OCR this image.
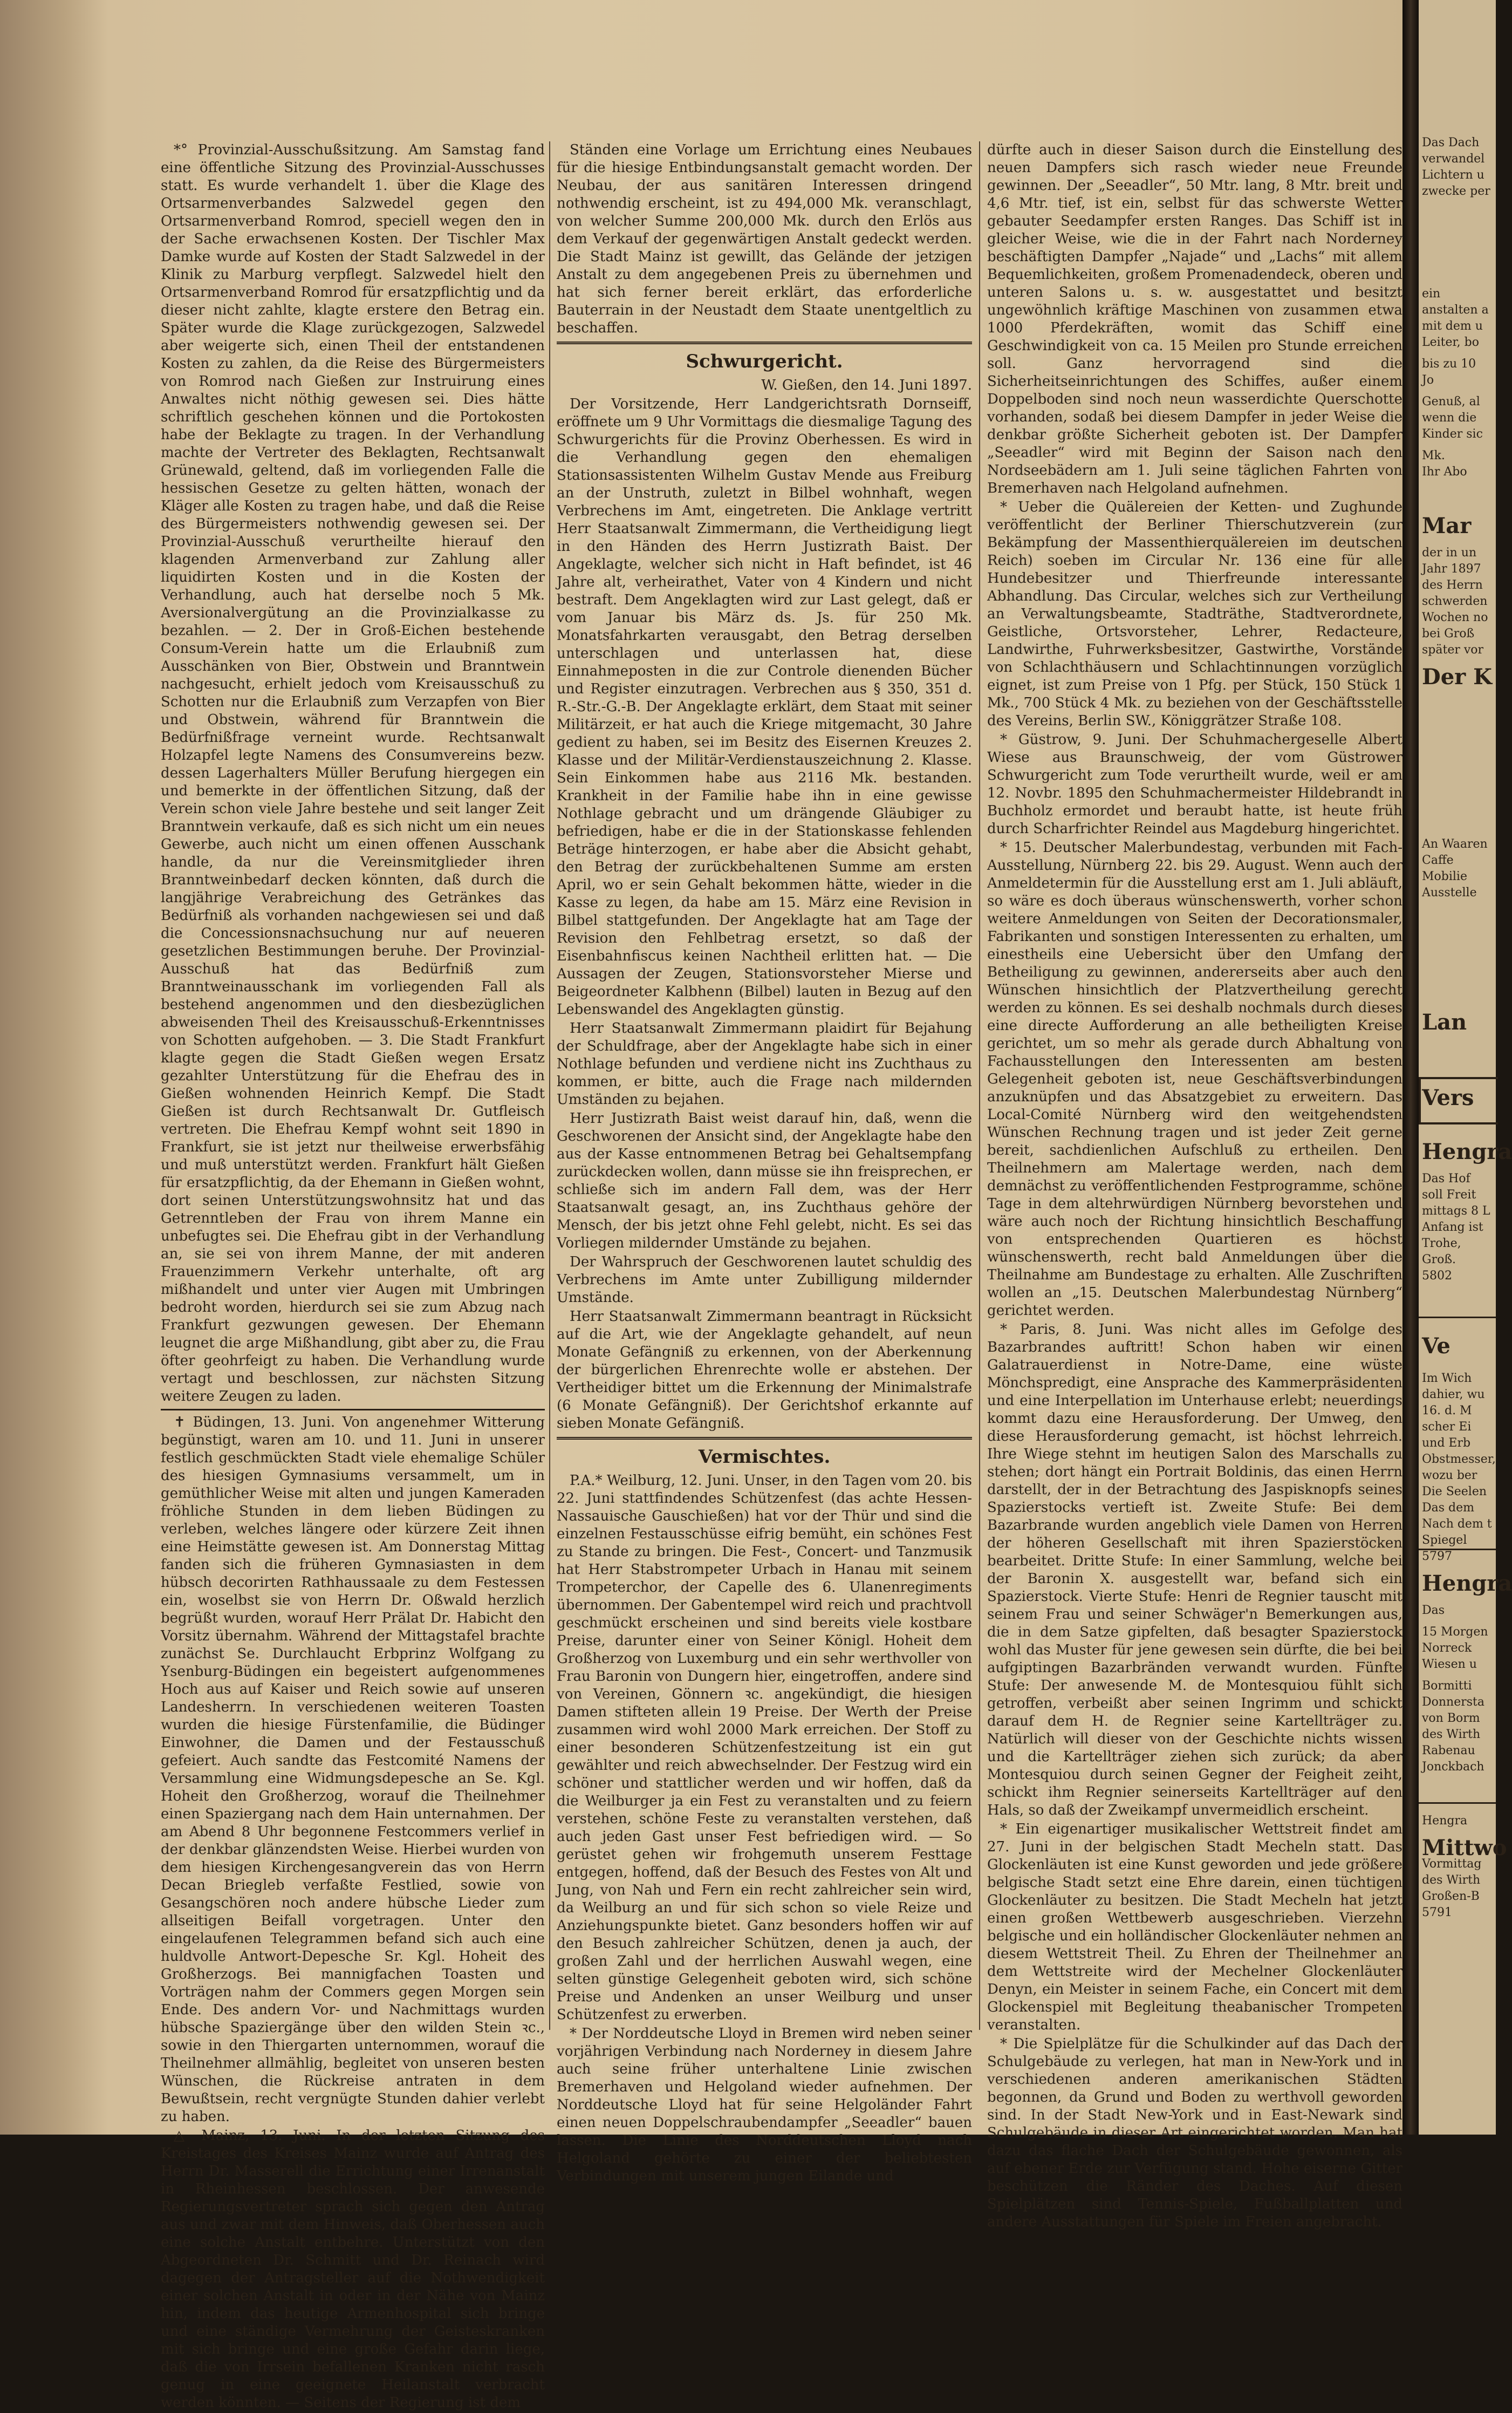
*° Provinzial-Ausschußsitzung. Am Samstag fand eine öffentliche Sitzung des Provinzial-Ausschusses statt. Es wurde verhandelt 1. über die Klage des Ortsarmenverbandes Salzwedel gegen den Ortsarmenverband Romrod, speciell wegen den in der Sache erwachsenen Kosten. Der Tischler Max Damke wurde auf Kosten der Stadt Salzwedel in der Klinik zu Marburg verpflegt. Salzwedel hielt den Ortsarmenverband Romrod für ersatzpflichtig und da dieser nicht zahlte, klagte erstere den Betrag ein. Später wurde die Klage zurückgezogen, Salzwedel aber weigerte sich, einen Theil der entstandenen Kosten zu zahlen, da die Reise des Bürgermeisters von Romrod nach Gießen zur Instruirung eines Anwaltes nicht nöthig gewesen sei. Dies hätte schriftlich geschehen können und die Portokosten habe der Beklagte zu tragen. In der Verhandlung machte der Vertreter des Beklagten, Rechtsanwalt Grünewald, geltend, daß im vorliegenden Falle die hessischen Gesetze zu gelten hätten, wonach der Kläger alle Kosten zu tragen habe, und daß die Reise des Bürgermeisters nothwendig gewesen sei. Der Provinzial-Ausschuß verurtheilte hierauf den klagenden Armenverband zur Zahlung aller liquidirten Kosten und in die Kosten der Verhandlung, auch hat derselbe noch 5 Mk. Aversionalvergütung an die Provinzialkasse zu bezahlen. — 2. Der in Groß-Eichen bestehende Consum-Verein hatte um die Erlaubniß zum Ausschänken von Bier, Obstwein und Branntwein nachgesucht, erhielt jedoch vom Kreisausschuß zu Schotten nur die Erlaubniß zum Verzapfen von Bier und Obstwein, während für Branntwein die Bedürfnißfrage verneint wurde. Rechtsanwalt Holzapfel legte Namens des Consumvereins bezw. dessen Lagerhalters Müller Berufung hiergegen ein und bemerkte in der öffentlichen Sitzung, daß der Verein schon viele Jahre bestehe und seit langer Zeit Branntwein verkaufe, daß es sich nicht um ein neues Gewerbe, auch nicht um einen offenen Ausschank handle, da nur die Vereinsmitglieder ihren Branntweinbedarf decken könnten, daß durch die langjährige Verabreichung des Getränkes das Bedürfniß als vorhanden nachgewiesen sei und daß die Concessionsnachsuchung nur auf neueren gesetzlichen Bestimmungen beruhe. Der Provinzial-Ausschuß hat das Bedürfniß zum Branntweinausschank im vorliegenden Fall als bestehend angenommen und den diesbezüglichen abweisenden Theil des Kreisausschuß-Erkenntnisses von Schotten aufgehoben. — 3. Die Stadt Frankfurt klagte gegen die Stadt Gießen wegen Ersatz gezahlter Unterstützung für die Ehefrau des in Gießen wohnenden Heinrich Kempf. Die Stadt Gießen ist durch Rechtsanwalt Dr. Gutfleisch vertreten. Die Ehefrau Kempf wohnt seit 1890 in Frankfurt, sie ist jetzt nur theilweise erwerbsfähig und muß unterstützt werden. Frankfurt hält Gießen für ersatzpflichtig, da der Ehemann in Gießen wohnt, dort seinen Unterstützungswohnsitz hat und das Getrenntleben der Frau von ihrem Manne ein unbefugtes sei. Die Ehefrau gibt in der Verhandlung an, sie sei von ihrem Manne, der mit anderen Frauenzimmern Verkehr unterhalte, oft arg mißhandelt und unter vier Augen mit Umbringen bedroht worden, hierdurch sei sie zum Abzug nach Frankfurt gezwungen gewesen. Der Ehemann leugnet die arge Mißhandlung, gibt aber zu, die Frau öfter geohrfeigt zu haben. Die Verhandlung wurde vertagt und beschlossen, zur nächsten Sitzung weitere Zeugen zu laden.

✝ Büdingen, 13. Juni. Von angenehmer Witterung begünstigt, waren am 10. und 11. Juni in unserer festlich geschmückten Stadt viele ehemalige Schüler des hiesigen Gymnasiums versammelt, um in gemüthlicher Weise mit alten und jungen Kameraden fröhliche Stunden in dem lieben Büdingen zu verleben, welches längere oder kürzere Zeit ihnen eine Heimstätte gewesen ist. Am Donnerstag Mittag fanden sich die früheren Gymnasiasten in dem hübsch decorirten Rathhaussaale zu dem Festessen ein, woselbst sie von Herrn Dr. Oßwald herzlich begrüßt wurden, worauf Herr Prälat Dr. Habicht den Vorsitz übernahm. Während der Mittagstafel brachte zunächst Se. Durchlaucht Erbprinz Wolfgang zu Ysenburg-Büdingen ein begeistert aufgenommenes Hoch aus auf Kaiser und Reich sowie auf unseren Landesherrn. In verschiedenen weiteren Toasten wurden die hiesige Fürstenfamilie, die Büdinger Einwohner, die Damen und der Festausschuß gefeiert. Auch sandte das Festcomité Namens der Versammlung eine Widmungsdepesche an Se. Kgl. Hoheit den Großherzog, worauf die Theilnehmer einen Spaziergang nach dem Hain unternahmen. Der am Abend 8 Uhr begonnene Festcommers verlief in der denkbar glänzendsten Weise. Hierbei wurden von dem hiesigen Kirchengesangverein das von Herrn Decan Briegleb verfaßte Festlied, sowie von Gesangschören noch andere hübsche Lieder zum allseitigen Beifall vorgetragen. Unter den eingelaufenen Telegrammen befand sich auch eine huldvolle Antwort-Depesche Sr. Kgl. Hoheit des Großherzogs. Bei mannigfachen Toasten und Vorträgen nahm der Commers gegen Morgen sein Ende. Des andern Vor- und Nachmittags wurden hübsche Spaziergänge über den wilden Stein ꝛc., sowie in den Thiergarten unternommen, worauf die Theilnehmer allmählig, begleitet von unseren besten Wünschen, die Rückreise antraten in dem Bewußtsein, recht vergnügte Stunden dahier verlebt zu haben.

△ Mainz, 13. Juni. In der letzten Sitzung des Kreistages des Kreises Mainz wurde auf Antrag des Herrn Dr. Masserell die Errichtung einer Irrenanstalt in Rheinhessen beschlossen. Der anwesende Regierungsvertreter sprach sich gegen den Antrag aus und zwar mit dem Hinweis, daß Oberhessen auch eine solche Anstalt entbehre. Unterstützt von den Abgeordneten Dr. Schmitt und Dr. Reinach wird dagegen der Antragsteller auf die Nothwendigkeit einer solchen Anstalt in oder in der Nähe von Mainz hin, indem das heutige Armenhospital sich bringe und eine ständige Vermehrung der Geisteskranken mit sich bringe und eine große Gefahr darin liege, daß die von Irrsein befallenen Kranken nicht rasch genug in eine geeignete Heilanstalt verbracht werden könnten. — Seitens der Regierung ist dem

Ständen eine Vorlage um Errichtung eines Neubaues für die hiesige Entbindungsanstalt gemacht worden. Der Neubau, der aus sanitären Interessen dringend nothwendig erscheint, ist zu 494,000 Mk. veranschlagt, von welcher Summe 200,000 Mk. durch den Erlös aus dem Verkauf der gegenwärtigen Anstalt gedeckt werden. Die Stadt Mainz ist gewillt, das Gelände der jetzigen Anstalt zu dem angegebenen Preis zu übernehmen und hat sich ferner bereit erklärt, das erforderliche Bauterrain in der Neustadt dem Staate unentgeltlich zu beschaffen.

Schwurgericht.

W. Gießen, den 14. Juni 1897.

Der Vorsitzende, Herr Landgerichtsrath Dornseiff, eröffnete um 9 Uhr Vormittags die diesmalige Tagung des Schwurgerichts für die Provinz Oberhessen. Es wird in die Verhandlung gegen den ehemaligen Stationsassistenten Wilhelm Gustav Mende aus Freiburg an der Unstruth, zuletzt in Bilbel wohnhaft, wegen Verbrechens im Amt, eingetreten. Die Anklage vertritt Herr Staatsanwalt Zimmermann, die Vertheidigung liegt in den Händen des Herrn Justizrath Baist. Der Angeklagte, welcher sich nicht in Haft befindet, ist 46 Jahre alt, verheirathet, Vater von 4 Kindern und nicht bestraft. Dem Angeklagten wird zur Last gelegt, daß er vom Januar bis März ds. Js. für 250 Mk. Monatsfahrkarten verausgabt, den Betrag derselben unterschlagen und unterlassen hat, diese Einnahmeposten in die zur Controle dienenden Bücher und Register einzutragen. Verbrechen aus § 350, 351 d. R.-Str.-G.-B. Der Angeklagte erklärt, dem Staat mit seiner Militärzeit, er hat auch die Kriege mitgemacht, 30 Jahre gedient zu haben, sei im Besitz des Eisernen Kreuzes 2. Klasse und der Militär-Verdienstauszeichnung 2. Klasse. Sein Einkommen habe aus 2116 Mk. bestanden. Krankheit in der Familie habe ihn in eine gewisse Nothlage gebracht und um drängende Gläubiger zu befriedigen, habe er die in der Stationskasse fehlenden Beträge hinterzogen, er habe aber die Absicht gehabt, den Betrag der zurückbehaltenen Summe am ersten April, wo er sein Gehalt bekommen hätte, wieder in die Kasse zu legen, da habe am 15. März eine Revision in Bilbel stattgefunden. Der Angeklagte hat am Tage der Revision den Fehlbetrag ersetzt, so daß der Eisenbahnfiscus keinen Nachtheil erlitten hat. — Die Aussagen der Zeugen, Stationsvorsteher Mierse und Beigeordneter Kalbhenn (Bilbel) lauten in Bezug auf den Lebenswandel des Angeklagten günstig.

Herr Staatsanwalt Zimmermann plaidirt für Bejahung der Schuldfrage, aber der Angeklagte habe sich in einer Nothlage befunden und verdiene nicht ins Zuchthaus zu kommen, er bitte, auch die Frage nach mildernden Umständen zu bejahen.

Herr Justizrath Baist weist darauf hin, daß, wenn die Geschworenen der Ansicht sind, der Angeklagte habe den aus der Kasse entnommenen Betrag bei Gehaltsempfang zurückdecken wollen, dann müsse sie ihn freisprechen, er schließe sich im andern Fall dem, was der Herr Staatsanwalt gesagt, an, ins Zuchthaus gehöre der Mensch, der bis jetzt ohne Fehl gelebt, nicht. Es sei das Vorliegen mildernder Umstände zu bejahen.

Der Wahrspruch der Geschworenen lautet schuldig des Verbrechens im Amte unter Zubilligung mildernder Umstände.

Herr Staatsanwalt Zimmermann beantragt in Rücksicht auf die Art, wie der Angeklagte gehandelt, auf neun Monate Gefängniß zu erkennen, von der Aberkennung der bürgerlichen Ehrenrechte wolle er abstehen. Der Vertheidiger bittet um die Erkennung der Minimalstrafe (6 Monate Gefängniß). Der Gerichtshof erkannte auf sieben Monate Gefängniß.

Vermischtes.

P.A.* Weilburg, 12. Juni. Unser, in den Tagen vom 20. bis 22. Juni stattfindendes Schützenfest (das achte Hessen-Nassauische Gauschießen) hat vor der Thür und sind die einzelnen Festausschüsse eifrig bemüht, ein schönes Fest zu Stande zu bringen. Die Fest-, Concert- und Tanzmusik hat Herr Stabstrompeter Urbach in Hanau mit seinem Trompeterchor, der Capelle des 6. Ulanenregiments übernommen. Der Gabentempel wird reich und prachtvoll geschmückt erscheinen und sind bereits viele kostbare Preise, darunter einer von Seiner Königl. Hoheit dem Großherzog von Luxemburg und ein sehr werthvoller von Frau Baronin von Dungern hier, eingetroffen, andere sind von Vereinen, Gönnern ꝛc. angekündigt, die hiesigen Damen stifteten allein 19 Preise. Der Werth der Preise zusammen wird wohl 2000 Mark erreichen. Der Stoff zu einer besonderen Schützenfestzeitung ist ein gut gewählter und reich abwechselnder. Der Festzug wird ein schöner und stattlicher werden und wir hoffen, daß da die Weilburger ja ein Fest zu veranstalten und zu feiern verstehen, schöne Feste zu veranstalten verstehen, daß auch jeden Gast unser Fest befriedigen wird. — So gerüstet gehen wir frohgemuth unserem Festtage entgegen, hoffend, daß der Besuch des Festes von Alt und Jung, von Nah und Fern ein recht zahlreicher sein wird, da Weilburg an und für sich schon so viele Reize und Anziehungspunkte bietet. Ganz besonders hoffen wir auf den Besuch zahlreicher Schützen, denen ja auch, der großen Zahl und der herrlichen Auswahl wegen, eine selten günstige Gelegenheit geboten wird, sich schöne Preise und Andenken an unser Weilburg und unser Schützenfest zu erwerben.

* Der Norddeutsche Lloyd in Bremen wird neben seiner vorjährigen Verbindung nach Norderney in diesem Jahre auch seine früher unterhaltene Linie zwischen Bremerhaven und Helgoland wieder aufnehmen. Der Norddeutsche Lloyd hat für seine Helgoländer Fahrt einen neuen Doppelschraubendampfer „Seeadler“ bauen lassen. Die Linie des Norddeutschen Lloyd nach Helgoland gehörte zu einer der beliebtesten Verbindungen mit unserem jungen Eilande und

dürfte auch in dieser Saison durch die Einstellung des neuen Dampfers sich rasch wieder neue Freunde gewinnen. Der „Seeadler“, 50 Mtr. lang, 8 Mtr. breit und 4,6 Mtr. tief, ist ein, selbst für das schwerste Wetter gebauter Seedampfer ersten Ranges. Das Schiff ist in gleicher Weise, wie die in der Fahrt nach Norderney beschäftigten Dampfer „Najade“ und „Lachs“ mit allem Bequemlichkeiten, großem Promenadendeck, oberen und unteren Salons u. s. w. ausgestattet und besitzt ungewöhnlich kräftige Maschinen von zusammen etwa 1000 Pferdekräften, womit das Schiff eine Geschwindigkeit von ca. 15 Meilen pro Stunde erreichen soll. Ganz hervorragend sind die Sicherheitseinrichtungen des Schiffes, außer einem Doppelboden sind noch neun wasserdichte Querschotte vorhanden, sodaß bei diesem Dampfer in jeder Weise die denkbar größte Sicherheit geboten ist. Der Dampfer „Seeadler“ wird mit Beginn der Saison nach den Nordseebädern am 1. Juli seine täglichen Fahrten von Bremerhaven nach Helgoland aufnehmen.

* Ueber die Quälereien der Ketten- und Zughunde veröffentlicht der Berliner Thierschutzverein (zur Bekämpfung der Massenthierquälereien im deutschen Reich) soeben im Circular Nr. 136 eine für alle Hundebesitzer und Thierfreunde interessante Abhandlung. Das Circular, welches sich zur Vertheilung an Verwaltungsbeamte, Stadträthe, Stadtverordnete, Geistliche, Ortsvorsteher, Lehrer, Redacteure, Landwirthe, Fuhrwerksbesitzer, Gastwirthe, Vorstände von Schlachthäusern und Schlachtinnungen vorzüglich eignet, ist zum Preise von 1 Pfg. per Stück, 150 Stück 1 Mk., 700 Stück 4 Mk. zu beziehen von der Geschäftsstelle des Vereins, Berlin SW., Königgrätzer Straße 108.

* Güstrow, 9. Juni. Der Schuhmachergeselle Albert Wiese aus Braunschweig, der vom Güstrower Schwurgericht zum Tode verurtheilt wurde, weil er am 12. Novbr. 1895 den Schuhmachermeister Hildebrandt in Buchholz ermordet und beraubt hatte, ist heute früh durch Scharfrichter Reindel aus Magdeburg hingerichtet.

* 15. Deutscher Malerbundestag, verbunden mit Fach-Ausstellung, Nürnberg 22. bis 29. August. Wenn auch der Anmeldetermin für die Ausstellung erst am 1. Juli abläuft, so wäre es doch überaus wünschenswerth, vorher schon weitere Anmeldungen von Seiten der Decorationsmaler, Fabrikanten und sonstigen Interessenten zu erhalten, um einestheils eine Uebersicht über den Umfang der Betheiligung zu gewinnen, andererseits aber auch den Wünschen hinsichtlich der Platzvertheilung gerecht werden zu können. Es sei deshalb nochmals durch dieses eine directe Aufforderung an alle betheiligten Kreise gerichtet, um so mehr als gerade durch Abhaltung von Fachausstellungen den Interessenten am besten Gelegenheit geboten ist, neue Geschäftsverbindungen anzuknüpfen und das Absatzgebiet zu erweitern. Das Local-Comité Nürnberg wird den weitgehendsten Wünschen Rechnung tragen und ist jeder Zeit gerne bereit, sachdienlichen Aufschluß zu ertheilen. Den Theilnehmern am Malertage werden, nach dem demnächst zu veröffentlichenden Festprogramme, schöne Tage in dem altehrwürdigen Nürnberg bevorstehen und wäre auch noch der Richtung hinsichtlich Beschaffung von entsprechenden Quartieren es höchst wünschenswerth, recht bald Anmeldungen über die Theilnahme am Bundestage zu erhalten. Alle Zuschriften wollen an „15. Deutschen Malerbundestag Nürnberg“ gerichtet werden.

* Paris, 8. Juni. Was nicht alles im Gefolge des Bazarbrandes auftritt! Schon haben wir einen Galatrauerdienst in Notre-Dame, eine wüste Mönchspredigt, eine Ansprache des Kammerpräsidenten und eine Interpellation im Unterhause erlebt; neuerdings kommt dazu eine Herausforderung. Der Umweg, den diese Herausforderung gemacht, ist höchst lehrreich. Ihre Wiege stehnt im heutigen Salon des Marschalls zu stehen; dort hängt ein Portrait Boldinis, das einen Herrn darstellt, der in der Betrachtung des Jaspisknopfs seines Spazierstocks vertieft ist. Zweite Stufe: Bei dem Bazarbrande wurden angeblich viele Damen von Herren der höheren Gesellschaft mit ihren Spazierstöcken bearbeitet. Dritte Stufe: In einer Sammlung, welche bei der Baronin X. ausgestellt war, befand sich ein Spazierstock. Vierte Stufe: Henri de Regnier tauscht mit seinem Frau und seiner Schwäger'n Bemerkungen aus, die in dem Satze gipfelten, daß besagter Spazierstock wohl das Muster für jene gewesen sein dürfte, die bei bei aufgiptingen Bazarbränden verwandt wurden. Fünfte Stufe: Der anwesende M. de Montesquiou fühlt sich getroffen, verbeißt aber seinen Ingrimm und schickt darauf dem H. de Regnier seine Kartellträger zu. Natürlich will dieser von der Geschichte nichts wissen und die Kartellträger ziehen sich zurück; da aber Montesquiou durch seinen Gegner der Feigheit zeiht, schickt ihm Regnier seinerseits Kartellträger auf den Hals, so daß der Zweikampf unvermeidlich erscheint.

* Ein eigenartiger musikalischer Wettstreit findet am 27. Juni in der belgischen Stadt Mecheln statt. Das Glockenläuten ist eine Kunst geworden und jede größere belgische Stadt setzt eine Ehre darein, einen tüchtigen Glockenläuter zu besitzen. Die Stadt Mecheln hat jetzt einen großen Wettbewerb ausgeschrieben. Vierzehn belgische und ein holländischer Glockenläuter nehmen an diesem Wettstreit Theil. Zu Ehren der Theilnehmer an dem Wettstreite wird der Mechelner Glockenläuter Denyn, ein Meister in seinem Fache, ein Concert mit dem Glockenspiel mit Begleitung theabanischer Trompeten veranstalten.

* Die Spielplätze für die Schulkinder auf das Dach der Schulgebäude zu verlegen, hat man in New-York und in verschiedenen anderen amerikanischen Städten begonnen, da Grund und Boden zu werthvoll geworden sind. In der Stadt New-York und in East-Newark sind Schulgebäude in dieser Art eingerichtet worden. Man hat dazu das flache Dach der Schulgebäude gewonnen, als auf ebener Erde zur Verfügung stand. Hohe eiserne Gitter beschützen die Ränder des Daches. Auf diesen Spielplätzen sind Tennis-Spiele, Fußballplatten und andere Ausstattungen für Spiele im Freien angebracht.

Das Dach
verwandel
Lichtern u
zwecke per
ein
anstalten a
mit dem u
Leiter, bo
bis zu 10
Jo
Genuß, al
wenn die
Kinder sic
Mk.
Ihr Abo
Mar
der in un
Jahr 1897
des Herrn
schwerden
Wochen no
bei Groß
später vor
Der K
An Waaren
Caffe
Mobilie
Ausstelle
Lan
Vers
Hengra
Das Hof
soll Freit
mittags 8 L
Anfang ist
Trohe,
Groß.
5802
Ve
Im Wich
dahier, wu
16. d. M
scher Ei
und Erb
Obstmesser,
wozu ber
Die Seelen
Das dem
Nach dem t
Spiegel
5797
Hengra
Das
15 Morgen
Norreck
Wiesen u
Bormitti
Donnersta
von Borm
des Wirth
Rabenau
Jonckbach
Hengra
Mittwo
Vormittag
des Wirth
Großen-B
5791
